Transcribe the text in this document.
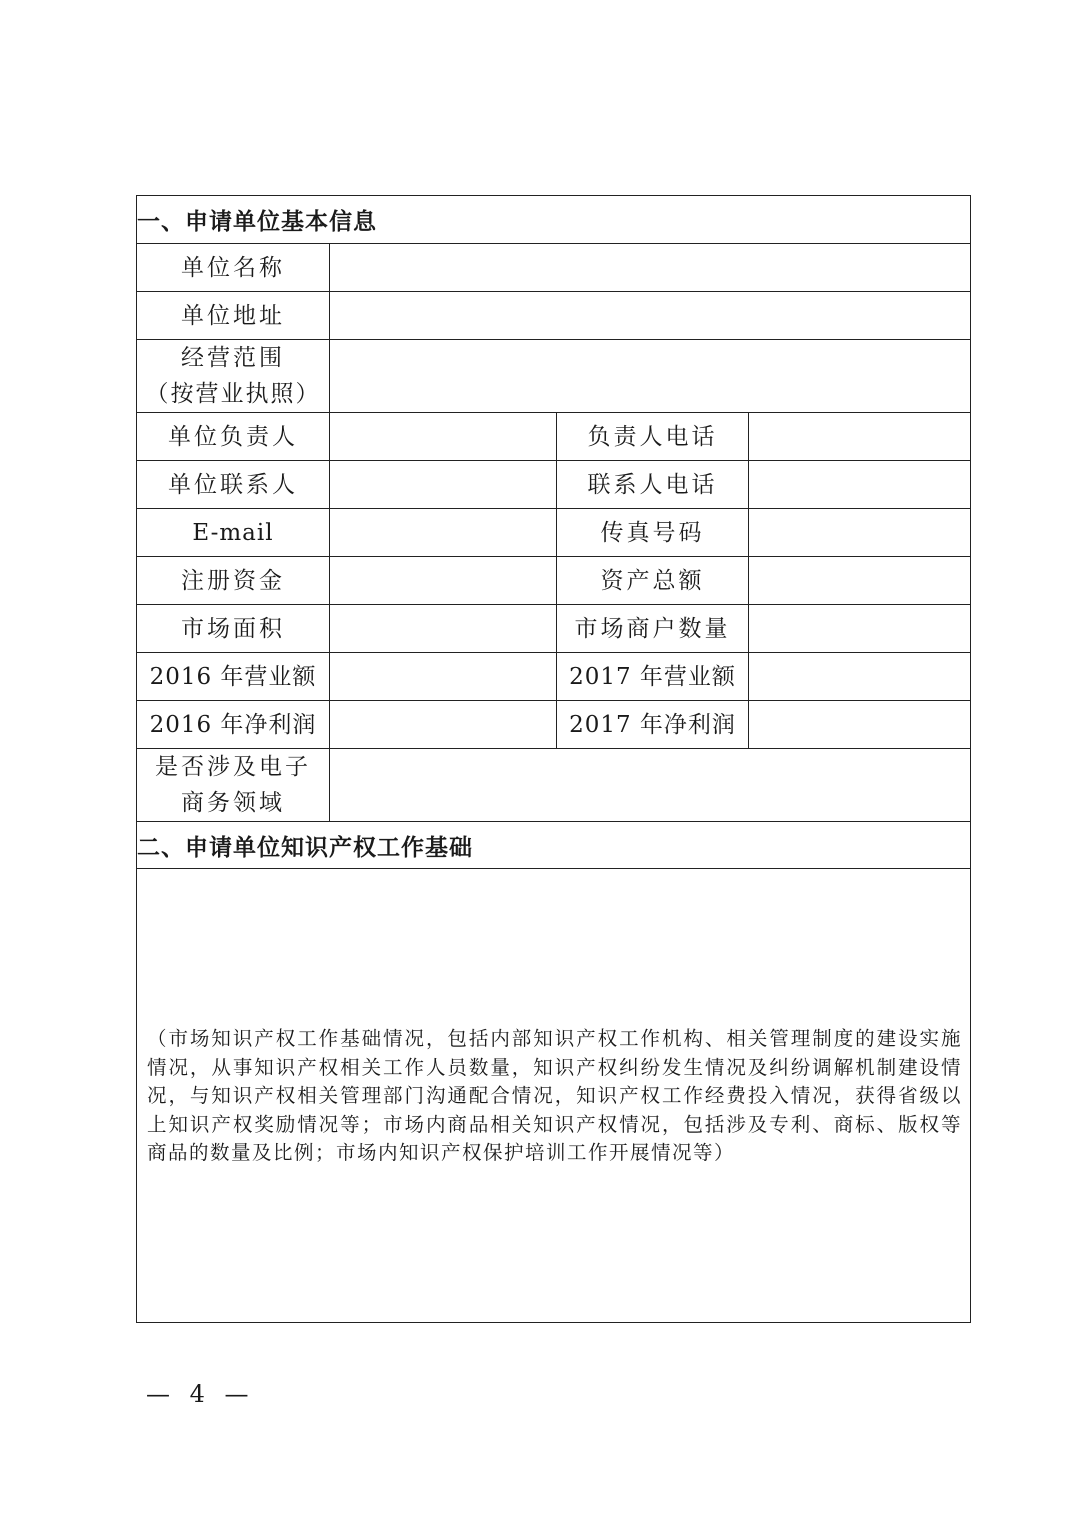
一、申请单位基本信息			
单位名称			
单位地址			

经营范围
（按营业执照）			

单位负责人		负责人电话	
单位联系人		联系人电话	
E-mail		传真号码	
注册资金		资产总额	
市场面积		市场商户数量	
2016 年营业额		2017 年营业额	
2016 年净利润		2017 年净利润	

是否涉及电子
商务领域			

二、申请单位知识产权工作基础			

（市场知识产权工作基础情况，包括内部知识产权工作机构、相关管理制度的建设实施情况，从事知识产权相关工作人员数量，知识产权纠纷发生情况及纠纷调解机制建设情况，与知识产权相关管理部门沟通配合情况，知识产权工作经费投入情况，获得省级以上知识产权奖励情况等；市场内商品相关知识产权情况，包括涉及专利、商标、版权等商品的数量及比例；市场内知识产权保护培训工作开展情况等）			
— 4 —
